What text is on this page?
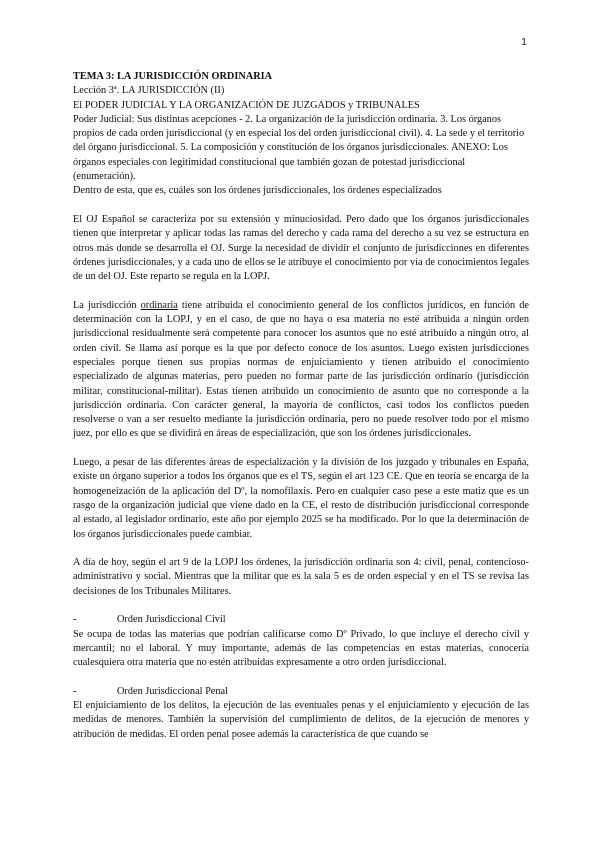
1

TEMA 3: LA JURISDICCIÓN ORDINARIA

Lección 3ª. LA JURISDICCIÓN (II)

El PODER JUDICIAL Y LA ORGANIZACIÓN DE JUZGADOS y TRIBUNALES

Poder Judicial: Sus distintas acepciones - 2. La organización de la jurisdicción ordinaria. 3. Los órganos propios de cada orden jurisdiccional (y en especial los del orden jurisdiccional civil). 4. La sede y el territorio del órgano jurisdiccional. 5. La composición y constitución de los órganos jurisdiccionales. ANEXO: Los órganos especiales con legitimidad constitucional que también gozan de potestad jurisdiccional (enumeración).

Dentro de esta, que es, cuáles son los órdenes jurisdiccionales, los órdenes especializados

El OJ Español se caracteriza por su extensión y minuciosidad. Pero dado que los órganos jurisdiccionales tienen que interpretar y aplicar todas las ramas del derecho y cada rama del derecho a su vez se estructura en otros más donde se desarrolla el OJ. Surge la necesidad de dividir el conjunto de jurisdicciones en diferentes órdenes jurisdiccionales, y a cada uno de ellos se le atribuye el conocimiento por vía de conocimientos legales de un del OJ. Este reparto se regula en la LOPJ.

La jurisdicción ordinaria tiene atribuida el conocimiento general de los conflictos jurídicos, en función de determinación con la LOPJ, y en el caso, de que no haya o esa materia no esté atribuida a ningún orden jurisdiccional residualmente será competente para conocer los asuntos que no esté atribuido a ningún otro, al orden civil. Se llama así porque es la que por defecto conoce de los asuntos. Luego existen jurisdicciones especiales porque tienen sus propias normas de enjuiciamiento y tienen atribuido el conocimiento especializado de algunas materias, pero pueden no formar parte de las jurisdicción ordinario (jurisdicción militar, constitucional-militar). Estas tienen atribuido un conocimiento de asunto que no corresponde a la jurisdicción ordinaria. Con carácter general, la mayoría de conflictos, casi todos los conflictos pueden resolverse o van a ser resuelto mediante la jurisdicción ordinaria, pero no puede resolver todo por el mismo juez, por ello es que se dividirá en áreas de especialización, que son los órdenes jurisdiccionales.

Luego, a pesar de las diferentes áreas de especialización y la división de los juzgado y tribunales en España, existe un órgano superior a todos los órganos que es el TS, según el art 123 CE. Que en teoría se encarga de la homogeneización de la aplicación del Dº, la nomofilaxis. Pero en cualquier caso pese a este matiz que es un rasgo de la organización judicial que viene dado en la CE, el resto de distribución jurisdiccional corresponde al estado, al legislador ordinario, este año por ejemplo 2025 se ha modificado. Por lo que la determinación de los órganos jurisdiccionales puede cambiar.

A día de hoy, según el art 9 de la LOPJ los órdenes, la jurisdicción ordinaria son 4: civil, penal, contencioso-administrativo y social. Mientras que la militar que es la sala 5 es de orden especial y en el TS se revisa las decisiones de los Tribunales Militares.

-	Orden Jurisdiccional Civil

Se ocupa de todas las materias que podrían calificarse como Dº Privado, lo que incluye el derecho civil y mercantil; no el laboral. Y muy importante, además de las competencias en estas materias, conocería cualesquiera otra materia que no estén atribuidas expresamente a otro orden jurisdiccional.

-	Orden Jurisdiccional Penal

El enjuiciamiento de los delitos, la ejecución de las eventuales penas y el enjuiciamiento y ejecución de las medidas de menores. También la supervisión del cumplimiento de delitos, de la ejecución de menores y atribución de medidas. El orden penal posee además la característica de que cuando se
